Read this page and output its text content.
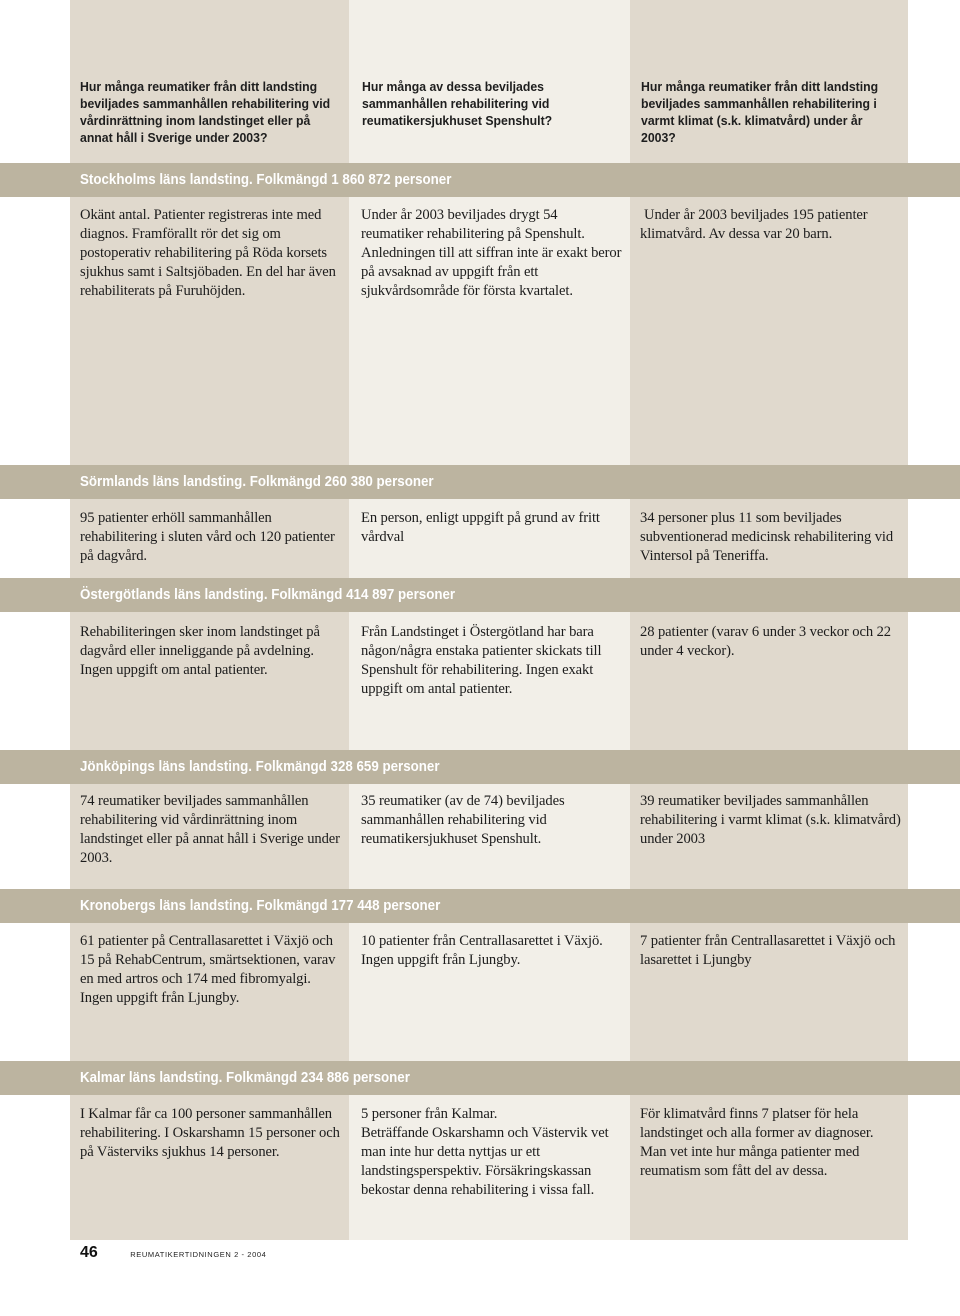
Hur många reumatiker från ditt landsting beviljades sammanhållen rehabilitering vid vårdinrättning inom landstinget eller på annat håll i Sverige under 2003?

Hur många av dessa beviljades sammanhållen rehabilitering vid reumatikersjukhuset Spenshult?

Hur många reumatiker från ditt landsting beviljades sammanhållen rehabilitering i varmt klimat (s.k. klimatvård) under år 2003?

Stockholms läns landsting. Folkmängd 1 860 872 personer

Okänt antal. Patienter registreras inte med diagnos. Framförallt rör det sig om postoperativ rehabilitering på Röda korsets sjukhus samt i Saltsjöbaden. En del har även rehabiliterats på Furuhöjden.

Under år 2003 beviljades drygt 54 reumatiker rehabilitering på Spenshult. Anledningen till att siffran inte är exakt beror på avsaknad av uppgift från ett sjukvårdsområde för första kvartalet.

Under år 2003 beviljades 195 patienter klimatvård. Av dessa var 20 barn.

Sörmlands läns landsting. Folkmängd 260 380 personer

95 patienter erhöll sammanhållen rehabilitering i sluten vård och 120 patienter på dagvård.

En person, enligt uppgift på grund av fritt vårdval

34 personer plus 11 som beviljades subventionerad medicinsk rehabilitering vid Vintersol på Teneriffa.

Östergötlands läns landsting. Folkmängd 414 897 personer

Rehabiliteringen sker inom landstinget på dagvård eller inneliggande på avdelning. Ingen uppgift om antal patienter.

Från Landstinget i Östergötland har bara någon/några enstaka patienter skickats till Spenshult för rehabilitering. Ingen exakt uppgift om antal patienter.

28 patienter (varav 6 under 3 veckor och 22 under 4 veckor).

Jönköpings läns landsting. Folkmängd 328 659 personer

74 reumatiker beviljades sammanhållen rehabilitering vid vårdinrättning inom landstinget eller på annat håll i Sverige under 2003.

35 reumatiker (av de 74) beviljades sammanhållen rehabilitering vid reumatikersjukhuset Spenshult.

39 reumatiker beviljades sammanhållen rehabilitering i varmt klimat (s.k. klimatvård) under 2003

Kronobergs läns landsting. Folkmängd 177 448 personer

61 patienter på Centrallasarettet i Växjö och 15 på RehabCentrum, smärtsektionen, varav en med artros och 174 med fibromyalgi.
Ingen uppgift från Ljungby.

10 patienter från Centrallasarettet i Växjö. Ingen uppgift från Ljungby.

7 patienter från Centrallasarettet i Växjö och lasarettet i Ljungby

Kalmar läns landsting. Folkmängd 234 886 personer

I Kalmar får ca 100 personer sammanhållen rehabilitering. I Oskarshamn 15 personer och på Västerviks sjukhus 14 personer.

5 personer från Kalmar.
Beträffande Oskarshamn och Västervik vet man inte hur detta nyttjas ur ett landstingsperspektiv. Försäkringskassan bekostar denna rehabilitering i vissa fall.

För klimatvård finns 7 platser för hela landstinget och alla former av diagnoser. Man vet inte hur många patienter med reumatism som fått del av dessa.

46	REUMATIKERTIDNINGEN 2 - 2004
